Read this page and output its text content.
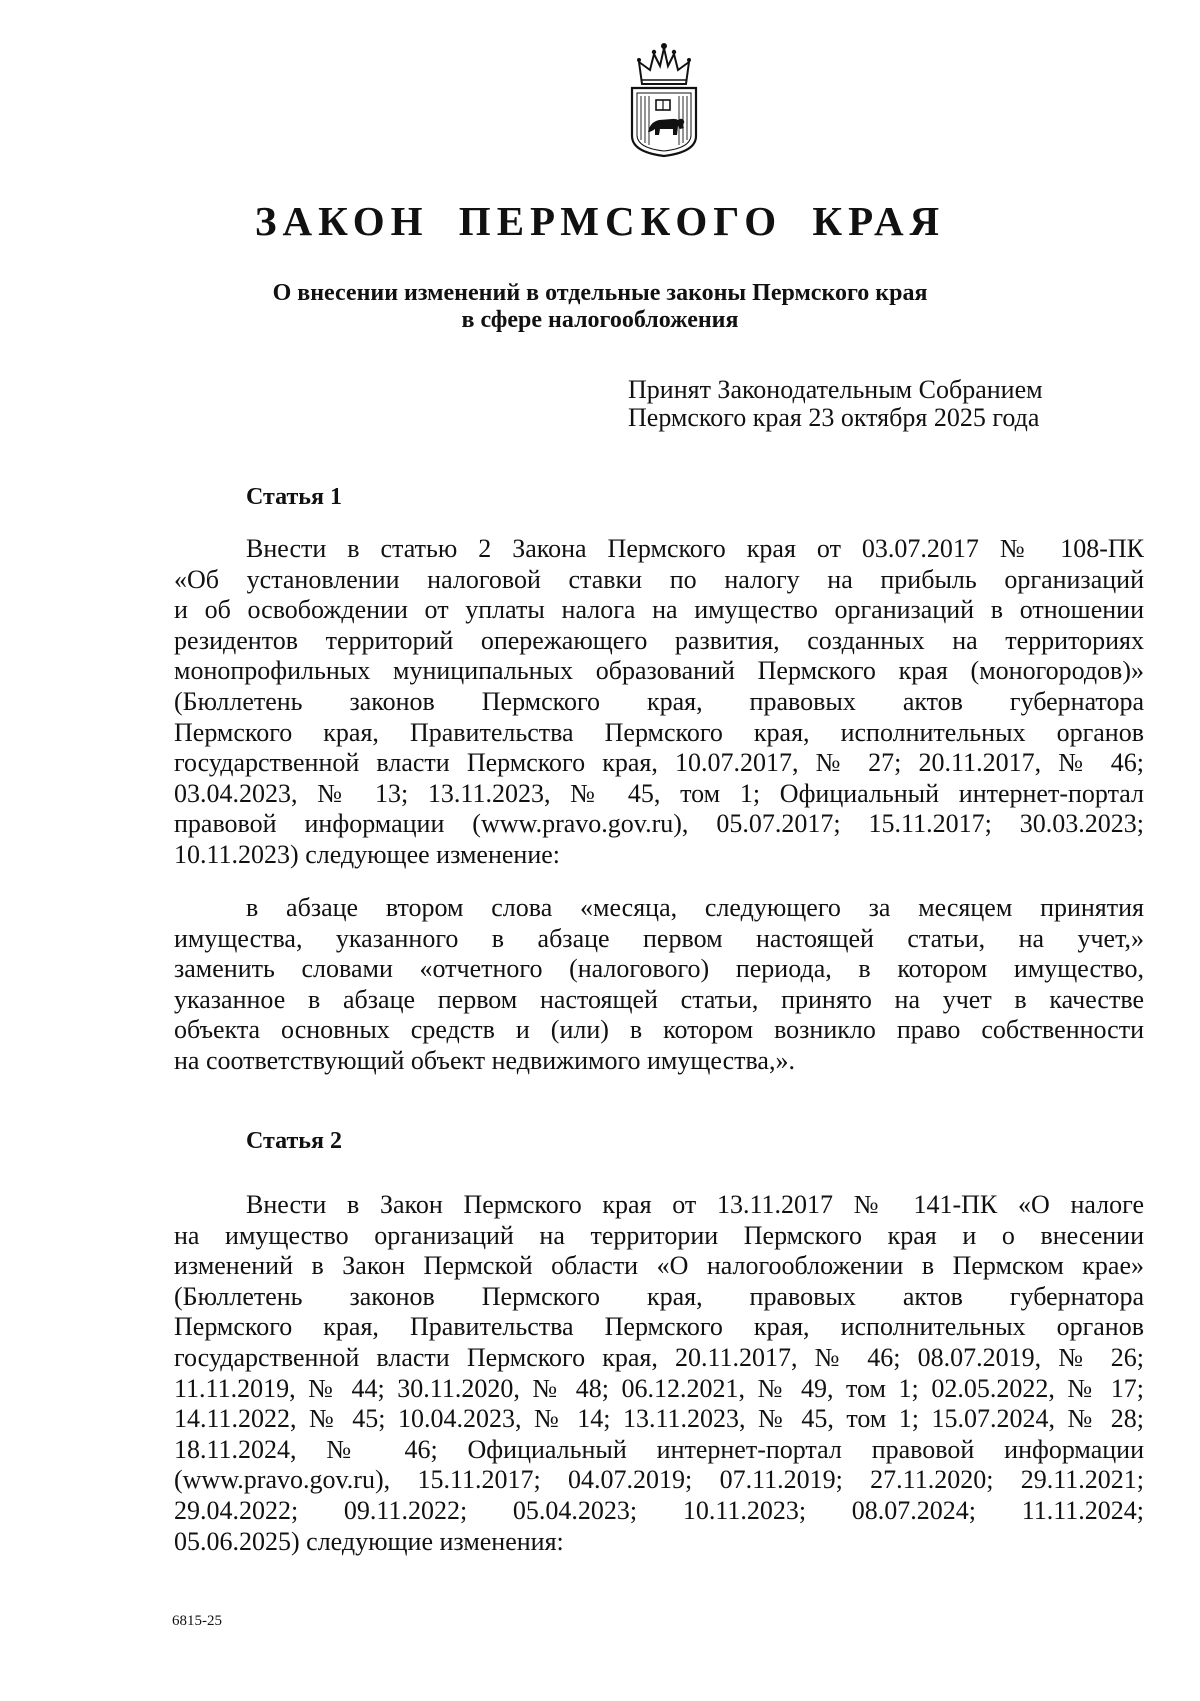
ЗАКОН ПЕРМСКОГО КРАЯ
О внесении изменений в отдельные законы Пермского края
в сфере налогообложения
Принят Законодательным Собранием
Пермского края 23 октября 2025 года
Статья 1
Внести в статью 2 Закона Пермского края от 03.07.2017 № 108-ПК
«Об установлении налоговой ставки по налогу на прибыль организаций
и об освобождении от уплаты налога на имущество организаций в отношении
резидентов территорий опережающего развития, созданных на территориях
монопрофильных муниципальных образований Пермского края (моногородов)»
(Бюллетень законов Пермского края, правовых актов губернатора
Пермского края, Правительства Пермского края, исполнительных органов
государственной власти Пермского края, 10.07.2017, № 27; 20.11.2017, № 46;
03.04.2023, № 13; 13.11.2023, № 45, том 1; Официальный интернет-портал
правовой информации (www.pravo.gov.ru), 05.07.2017; 15.11.2017; 30.03.2023;
10.11.2023) следующее изменение:
в абзаце втором слова «месяца, следующего за месяцем принятия
имущества, указанного в абзаце первом настоящей статьи, на учет,»
заменить словами «отчетного (налогового) периода, в котором имущество,
указанное в абзаце первом настоящей статьи, принято на учет в качестве
объекта основных средств и (или) в котором возникло право собственности
на соответствующий объект недвижимого имущества,».
Статья 2
Внести в Закон Пермского края от 13.11.2017 № 141-ПК «О налоге
на имущество организаций на территории Пермского края и о внесении
изменений в Закон Пермской области «О налогообложении в Пермском крае»
(Бюллетень законов Пермского края, правовых актов губернатора
Пермского края, Правительства Пермского края, исполнительных органов
государственной власти Пермского края, 20.11.2017, № 46; 08.07.2019, № 26;
11.11.2019, № 44; 30.11.2020, № 48; 06.12.2021, № 49, том 1; 02.05.2022, № 17;
14.11.2022, № 45; 10.04.2023, № 14; 13.11.2023, № 45, том 1; 15.07.2024, № 28;
18.11.2024, № 46; Официальный интернет-портал правовой информации
(www.pravo.gov.ru), 15.11.2017; 04.07.2019; 07.11.2019; 27.11.2020; 29.11.2021;
29.04.2022; 09.11.2022; 05.04.2023; 10.11.2023; 08.07.2024; 11.11.2024;
05.06.2025) следующие изменения:
6815-25
